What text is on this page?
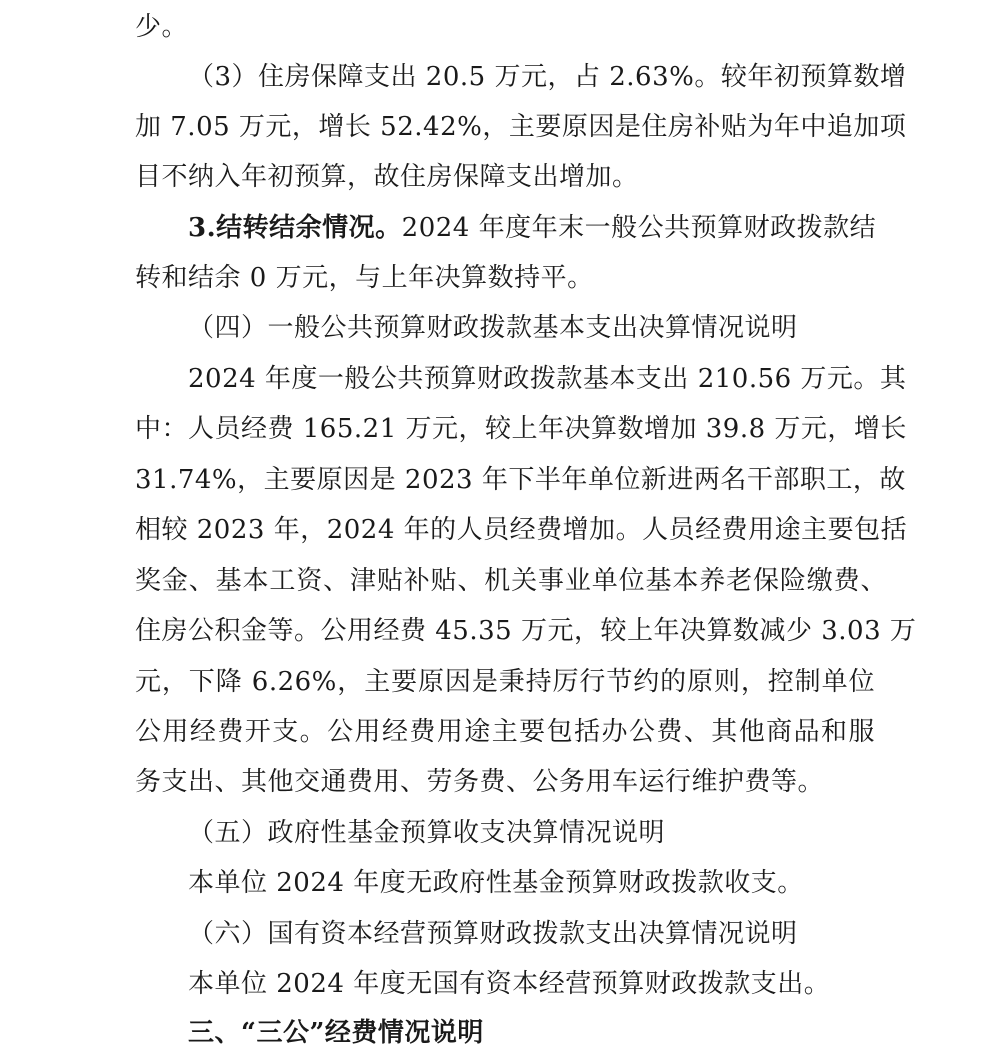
少。
（3）住房保障支出 20.5 万元，占 2.63%。较年初预算数增
加 7.05 万元，增长 52.42%，主要原因是住房补贴为年中追加项
目不纳入年初预算，故住房保障支出增加。
3.结转结余情况。2024 年度年末一般公共预算财政拨款结
转和结余 0 万元，与上年决算数持平。
（四）一般公共预算财政拨款基本支出决算情况说明
2024 年度一般公共预算财政拨款基本支出 210.56 万元。其
中：人员经费 165.21 万元，较上年决算数增加 39.8 万元，增长
31.74%，主要原因是 2023 年下半年单位新进两名干部职工，故
相较 2023 年，2024 年的人员经费增加。人员经费用途主要包括
奖金、基本工资、津贴补贴、机关事业单位基本养老保险缴费、
住房公积金等。公用经费 45.35 万元，较上年决算数减少 3.03 万
元，下降 6.26%，主要原因是秉持厉行节约的原则，控制单位
公用经费开支。公用经费用途主要包括办公费、其他商品和服
务支出、其他交通费用、劳务费、公务用车运行维护费等。
（五）政府性基金预算收支决算情况说明
本单位 2024 年度无政府性基金预算财政拨款收支。
（六）国有资本经营预算财政拨款支出决算情况说明
本单位 2024 年度无国有资本经营预算财政拨款支出。
三、“三公”经费情况说明
